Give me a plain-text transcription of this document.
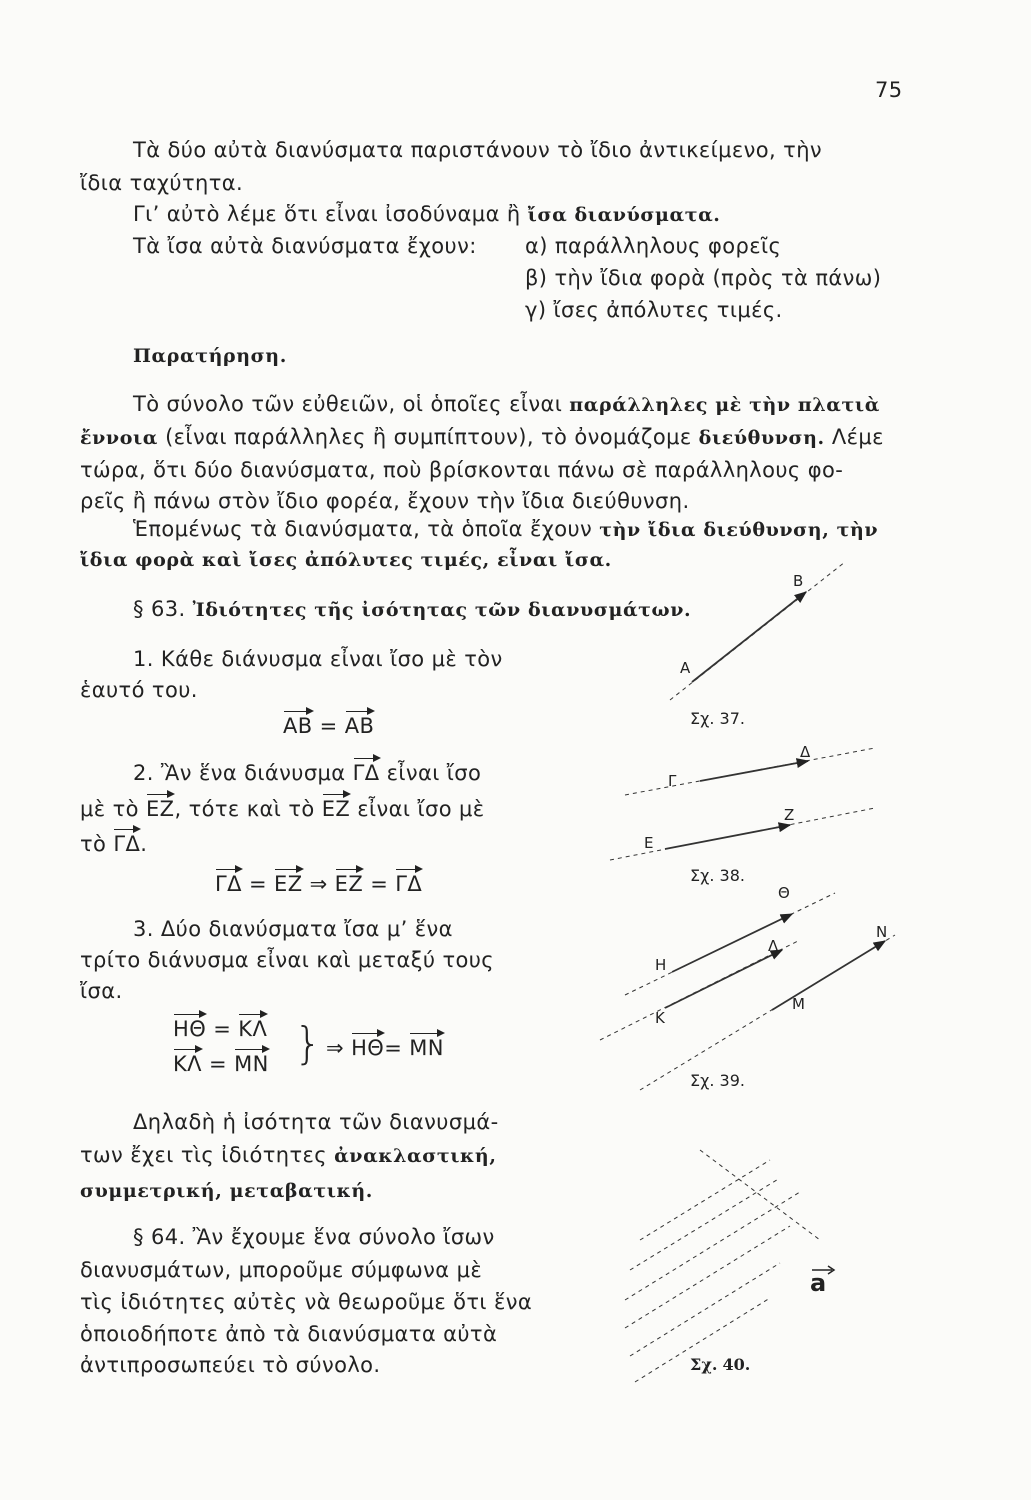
75
Τὰ δύο αὐτὰ διανύσματα παριστάνουν τὸ ἴδιο ἀντικείμενο, τὴν
ἴδια ταχύτητα.
Γι’ αὐτὸ λέμε ὅτι εἶναι ἰσοδύναμα ἢ ἴσα διανύσματα.
Τὰ ἴσα αὐτὰ διανύσματα ἔχουν: α) παράλληλους φορεῖς
β) τὴν ἴδια φορὰ (πρὸς τὰ πάνω)
γ) ἴσες ἀπόλυτες τιμές.
Παρατήρηση.
Τὸ σύνολο τῶν εὐθειῶν, οἱ ὁποῖες εἶναι παράλληλες μὲ τὴν πλατιὰ
ἔννοια (εἶναι παράλληλες ἢ συμπίπτουν), τὸ ὀνομάζομε διεύθυνση. Λέμε
τώρα, ὅτι δύο διανύσματα, ποὺ βρίσκονται πάνω σὲ παράλληλους φο-
ρεῖς ἢ πάνω στὸν ἴδιο φορέα, ἔχουν τὴν ἴδια διεύθυνση.
Ἑπομένως τὰ διανύσματα, τὰ ὁποῖα ἔχουν τὴν ἴδια διεύθυνση, τὴν
ἴδια φορὰ καὶ ἴσες ἀπόλυτες τιμές, εἶναι ἴσα.
§ 63. Ἰδιότητες τῆς ἰσότητας τῶν διανυσμάτων.
1. Κάθε διάνυσμα εἶναι ἴσο μὲ τὸν
ἑαυτό του.
AB = AB
2. Ἂν ἕνα διάνυσμα ΓΔ εἶναι ἴσο
μὲ τὸ ΕΖ, τότε καὶ τὸ ΕΖ εἶναι ἴσο μὲ
τὸ ΓΔ.
ΓΔ = ΕΖ ⇒ ΕΖ = ΓΔ
3. Δύο διανύσματα ἴσα μ’ ἕνα
τρίτο διάνυσμα εἶναι καὶ μεταξύ τους
ἴσα.
ΗΘ = ΚΛ
ΚΛ = ΜΝ } ⇒ ΗΘ= ΜΝ
Δηλαδὴ ἡ ἰσότητα τῶν διανυσμά-
των ἔχει τὶς ἰδιότητες ἀνακλαστική,
συμμετρική, μεταβατική.
§ 64. Ἂν ἔχουμε ἕνα σύνολο ἴσων
διανυσμάτων, μποροῦμε σύμφωνα μὲ
τὶς ἰδιότητες αὐτὲς νὰ θεωροῦμε ὅτι ἕνα
ὁποιοδήποτε ἀπὸ τὰ διανύσματα αὐτὰ
ἀντιπροσωπεύει τὸ σύνολο.
Α
Β
Γ
Δ
Ε
Ζ
Η
Θ
Κ
Λ
Μ
Ν
a
Σχ. 37.
Σχ. 38.
Σχ. 39.
Σχ. 40.
